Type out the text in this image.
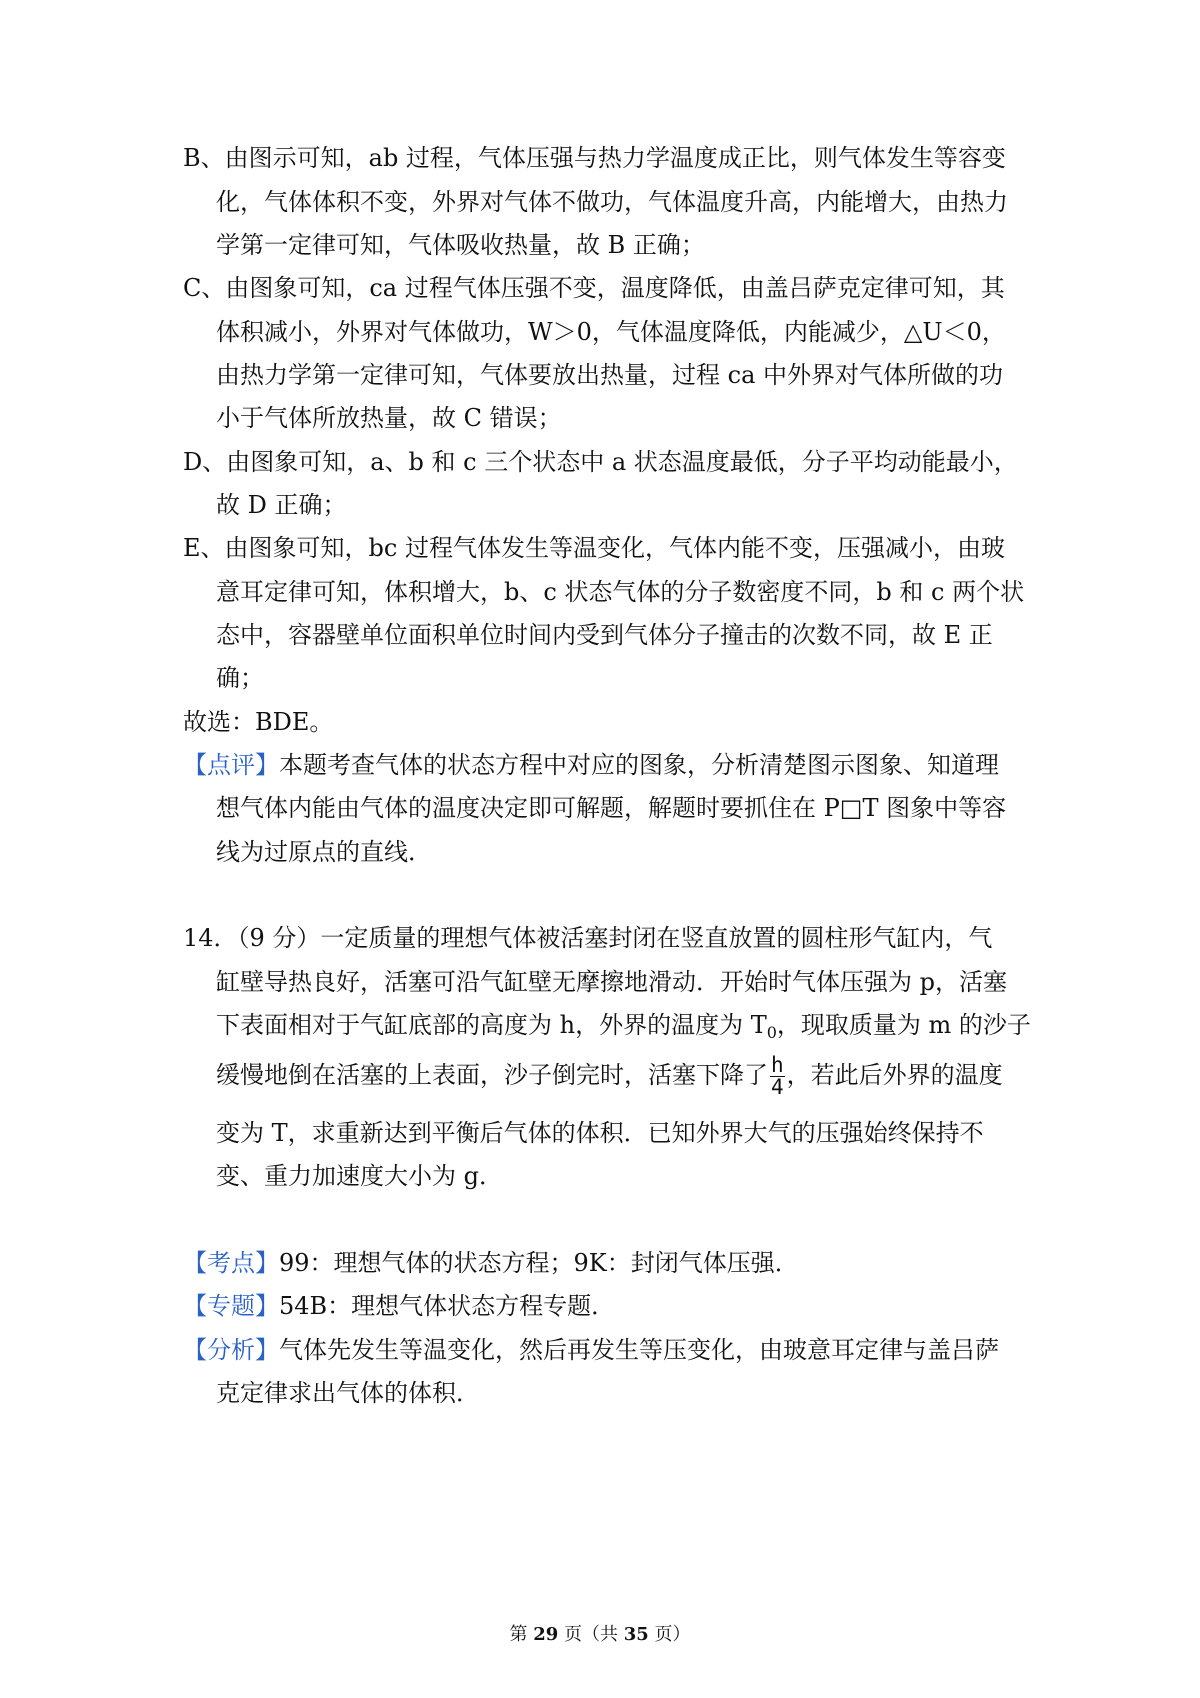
B、由图示可知，ab 过程，气体压强与热力学温度成正比，则气体发生等容变
化，气体体积不变，外界对气体不做功，气体温度升高，内能增大，由热力
学第一定律可知，气体吸收热量，故 B 正确；
C、由图象可知，ca 过程气体压强不变，温度降低，由盖吕萨克定律可知，其
体积减小，外界对气体做功，W＞0，气体温度降低，内能减少，△U＜0，
由热力学第一定律可知，气体要放出热量，过程 ca 中外界对气体所做的功
小于气体所放热量，故 C 错误；
D、由图象可知，a、b 和 c 三个状态中 a 状态温度最低，分子平均动能最小，
故 D 正确；
E、由图象可知，bc 过程气体发生等温变化，气体内能不变，压强减小，由玻
意耳定律可知，体积增大，b、c 状态气体的分子数密度不同，b 和 c 两个状
态中，容器壁单位面积单位时间内受到气体分子撞击的次数不同，故 E 正
确；
故选：BDE。
【点评】本题考查气体的状态方程中对应的图象，分析清楚图示图象、知道理
想气体内能由气体的温度决定即可解题，解题时要抓住在 P□T 图象中等容
线为过原点的直线．
14．（9 分）一定质量的理想气体被活塞封闭在竖直放置的圆柱形气缸内，气
缸壁导热良好，活塞可沿气缸壁无摩擦地滑动．开始时气体压强为 p，活塞
下表面相对于气缸底部的高度为 h，外界的温度为 $T_0$，现取质量为 m 的沙子
缓慢地倒在活塞的上表面，沙子倒完时，活塞下降了 $\frac{h}{4}$ ，若此后外界的温度
变为 T，求重新达到平衡后气体的体积．已知外界大气的压强始终保持不
变、重力加速度大小为 g．
【考点】99：理想气体的状态方程；9K：封闭气体压强．
【专题】54B：理想气体状态方程专题．
【分析】气体先发生等温变化，然后再发生等压变化，由玻意耳定律与盖吕萨
克定律求出气体的体积．
第 29 页（共 35 页）
